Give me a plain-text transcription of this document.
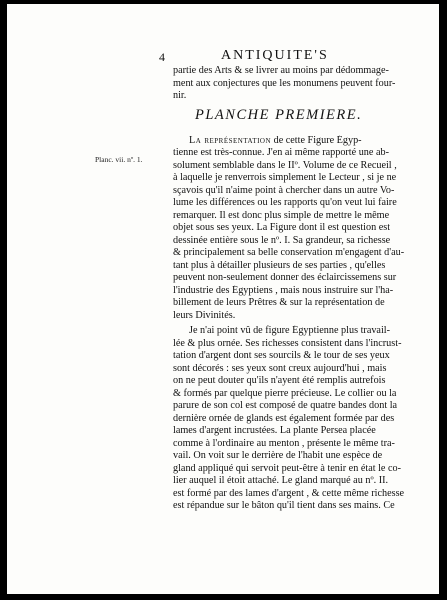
4	ANTIQUITE'S
Planc. vii. nº. 1.
partie des Arts & se livrer au moins par dédommage-
ment aux conjectures que les monumens peuvent four-
nir.
PLANCHE PREMIERE.
La représentation de cette Figure Égyp-
tienne est très-connue. J'en ai même rapporté une ab-
solument semblable dans le IIº. Volume de ce Recueil ,
à laquelle je renverrois simplement le Lecteur , si je ne
sçavois qu'il n'aime point à chercher dans un autre Vo-
lume les différences ou les rapports qu'on veut lui faire
remarquer. Il est donc plus simple de mettre le même
objet sous ses yeux. La Figure dont il est question est
dessinée entière sous le nº. I. Sa grandeur, sa richesse
& principalement sa belle conservation m'engagent d'au-
tant plus à détailler plusieurs de ses parties , qu'elles
peuvent non-seulement donner des éclaircissemens sur
l'industrie des Égyptiens , mais nous instruire sur l'ha-
billement de leurs Prêtres & sur la représentation de
leurs Divinités.
Je n'ai point vû de figure Égyptienne plus travail-
lée & plus ornée. Ses richesses consistent dans l'incrust-
tation d'argent dont ses sourcils & le tour de ses yeux
sont décorés : ses yeux sont creux aujourd'hui , mais
on ne peut douter qu'ils n'ayent été remplis autrefois
& formés par quelque pierre précieuse. Le collier ou la
parure de son col est composé de quatre bandes dont la
dernière ornée de glands est également formée par des
lames d'argent incrustées. La plante Persea placée
comme à l'ordinaire au menton , présente le même tra-
vail. On voit sur le derrière de l'habit une espèce de
gland appliqué qui servoit peut-être à tenir en état le co-
lier auquel il étoit attaché. Le gland marqué au nº. II.
est formé par des lames d'argent , & cette même richesse
est répandue sur le bâton qu'il tient dans ses mains. Ce
